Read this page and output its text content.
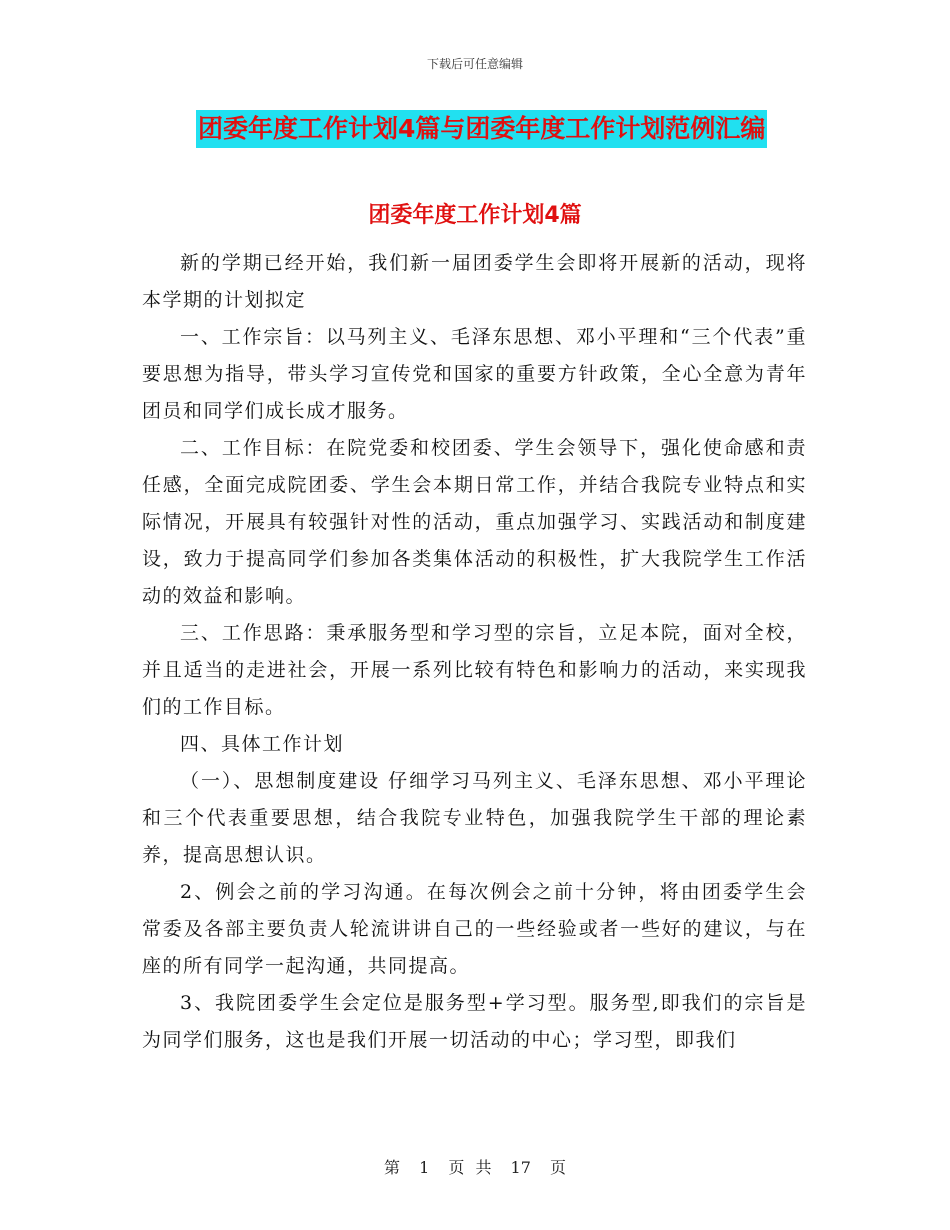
下载后可任意编辑
团委年度工作计划4篇与团委年度工作计划范例汇编
团委年度工作计划4篇

新的学期已经开始，我们新一届团委学生会即将开展新的活动，现将本学期的计划拟定

一、工作宗旨：以马列主义、毛泽东思想、邓小平理和“三个代表”重要思想为指导，带头学习宣传党和国家的重要方针政策，全心全意为青年团员和同学们成长成才服务。

二、工作目标：在院党委和校团委、学生会领导下，强化使命感和责任感，全面完成院团委、学生会本期日常工作，并结合我院专业特点和实际情况，开展具有较强针对性的活动，重点加强学习、实践活动和制度建设，致力于提高同学们参加各类集体活动的积极性，扩大我院学生工作活动的效益和影响。

三、工作思路：秉承服务型和学习型的宗旨，立足本院，面对全校，并且适当的走进社会，开展一系列比较有特色和影响力的活动，来实现我们的工作目标。

四、具体工作计划

（一）、思想制度建设 仔细学习马列主义、毛泽东思想、邓小平理论和三个代表重要思想，结合我院专业特色，加强我院学生干部的理论素养，提高思想认识。

2、例会之前的学习沟通。在每次例会之前十分钟，将由团委学生会常委及各部主要负责人轮流讲讲自己的一些经验或者一些好的建议，与在座的所有同学一起沟通，共同提高。

3、我院团委学生会定位是服务型+学习型。服务型,即我们的宗旨是为同学们服务，这也是我们开展一切活动的中心；学习型，即我们

第 1 页 共 17 页
